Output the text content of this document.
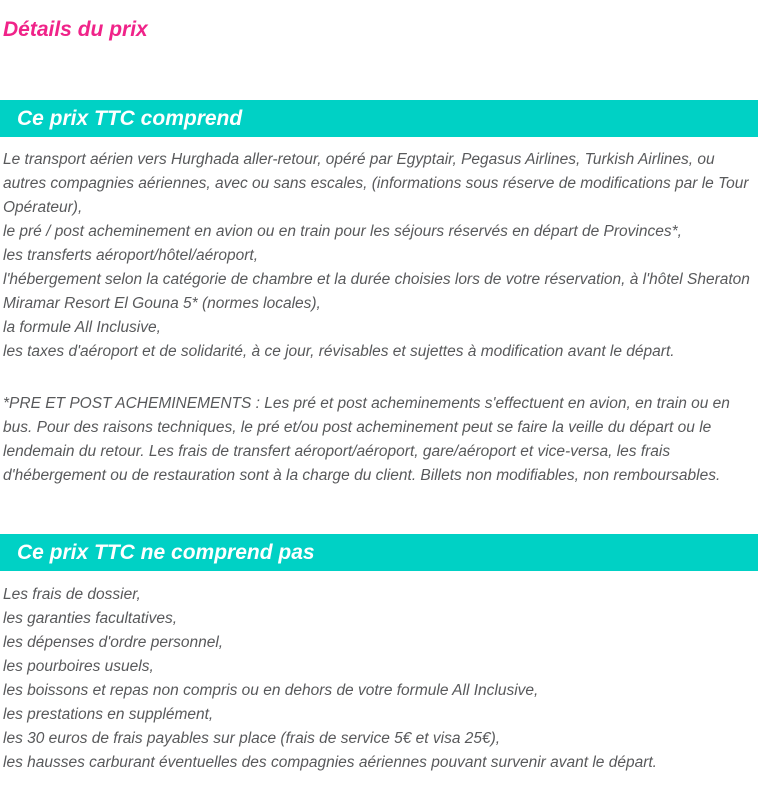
Détails du prix
Ce prix TTC comprend

Le transport aérien vers Hurghada aller-retour, opéré par Egyptair, Pegasus Airlines, Turkish Airlines, ou autres compagnies aériennes, avec ou sans escales, (informations sous réserve de modifications par le Tour Opérateur),

le pré / post acheminement en avion ou en train pour les séjours réservés en départ de Provinces*,

les transferts aéroport/hôtel/aéroport,

l'hébergement selon la catégorie de chambre et la durée choisies lors de votre réservation, à l'hôtel Sheraton Miramar Resort El Gouna 5* (normes locales),

la formule All Inclusive,

les taxes d'aéroport et de solidarité, à ce jour, révisables et sujettes à modification avant le départ.

*PRE ET POST ACHEMINEMENTS : Les pré et post acheminements s'effectuent en avion, en train ou en bus. Pour des raisons techniques, le pré et/ou post acheminement peut se faire la veille du départ ou le lendemain du retour. Les frais de transfert aéroport/aéroport, gare/aéroport et vice-versa, les frais d'hébergement ou de restauration sont à la charge du client. Billets non modifiables, non remboursables.

Ce prix TTC ne comprend pas

Les frais de dossier,

les garanties facultatives,

les dépenses d'ordre personnel,

les pourboires usuels,

les boissons et repas non compris ou en dehors de votre formule All Inclusive,

les prestations en supplément,

les 30 euros de frais payables sur place (frais de service 5€ et visa 25€),

les hausses carburant éventuelles des compagnies aériennes pouvant survenir avant le départ.
